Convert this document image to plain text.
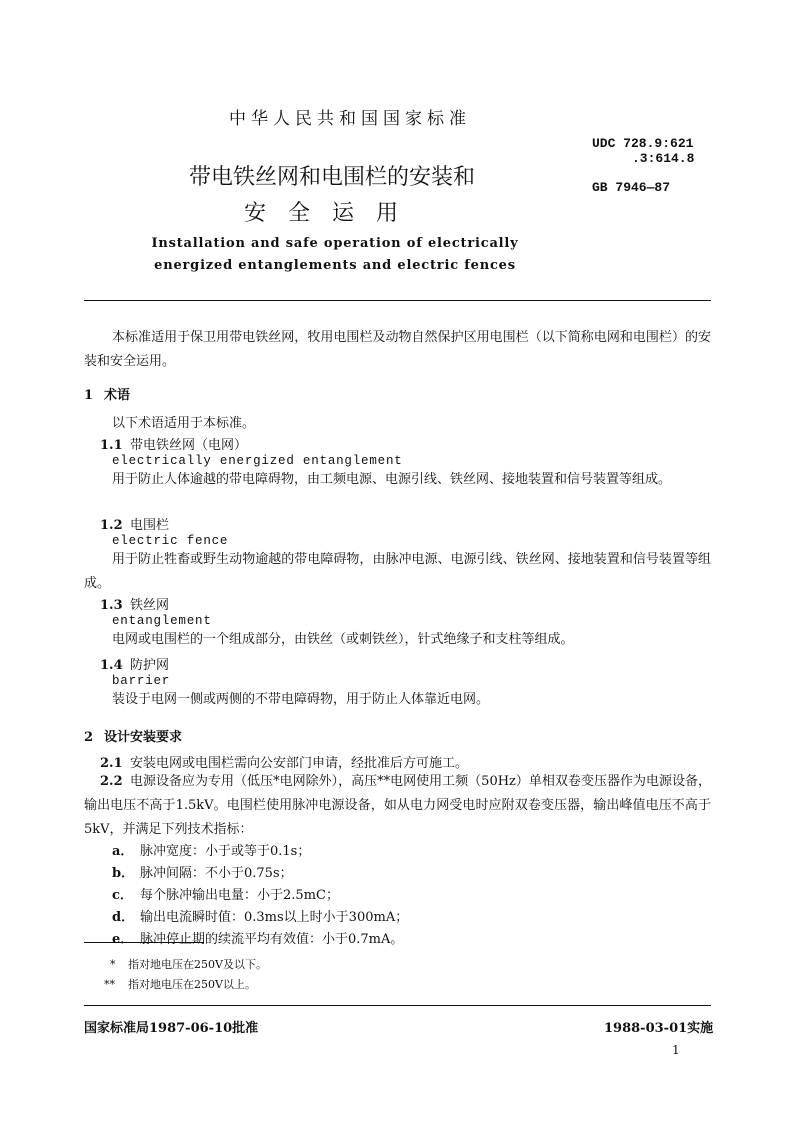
中华人民共和国国家标准
UDC 728.9:621
.3:614.8
GB 7946—87
带电铁丝网和电围栏的安装和
安全运用
Installation and safe operation of electrically
energized entanglements and electric fences

本标准适用于保卫用带电铁丝网，牧用电围栏及动物自然保护区用电围栏（以下简称电网和电围栏）的安装和安全运用。

1 术语
以下术语适用于本标准。
1.1 带电铁丝网（电网）
electrically energized entanglement

用于防止人体逾越的带电障碍物，由工频电源、电源引线、铁丝网、接地装置和信号装置等组成。

1.2 电围栏
electric fence

用于防止牲畜或野生动物逾越的带电障碍物，由脉冲电源、电源引线、铁丝网、接地装置和信号装置等组成。

1.3 铁丝网
entanglement

电网或电围栏的一个组成部分，由铁丝（或刺铁丝），针式绝缘子和支柱等组成。

1.4 防护网
barrier

装设于电网一侧或两侧的不带电障碍物，用于防止人体靠近电网。

2 设计安装要求
2.1 安装电网或电围栏需向公安部门申请，经批准后方可施工。
2.2 电源设备应为专用（低压*电网除外），高压**电网使用工频（50Hz）单相双卷变压器作为电源设备，输出电压不高于1.5kV。电围栏使用脉冲电源设备，如从电力网受电时应附双卷变压器，输出峰值电压不高于5kV，并满足下列技术指标：
a． 脉冲宽度：小于或等于0.1s；
b． 脉冲间隔：不小于0.75s；
c． 每个脉冲输出电量：小于2.5mC；
d． 输出电流瞬时值：0.3ms以上时小于300mA；
e． 脉冲停止期的续流平均有效值：小于0.7mA。
* 指对地电压在250V及以下。
** 指对地电压在250V以上。
国家标准局1987-06-10批准	1988-03-01实施
1
